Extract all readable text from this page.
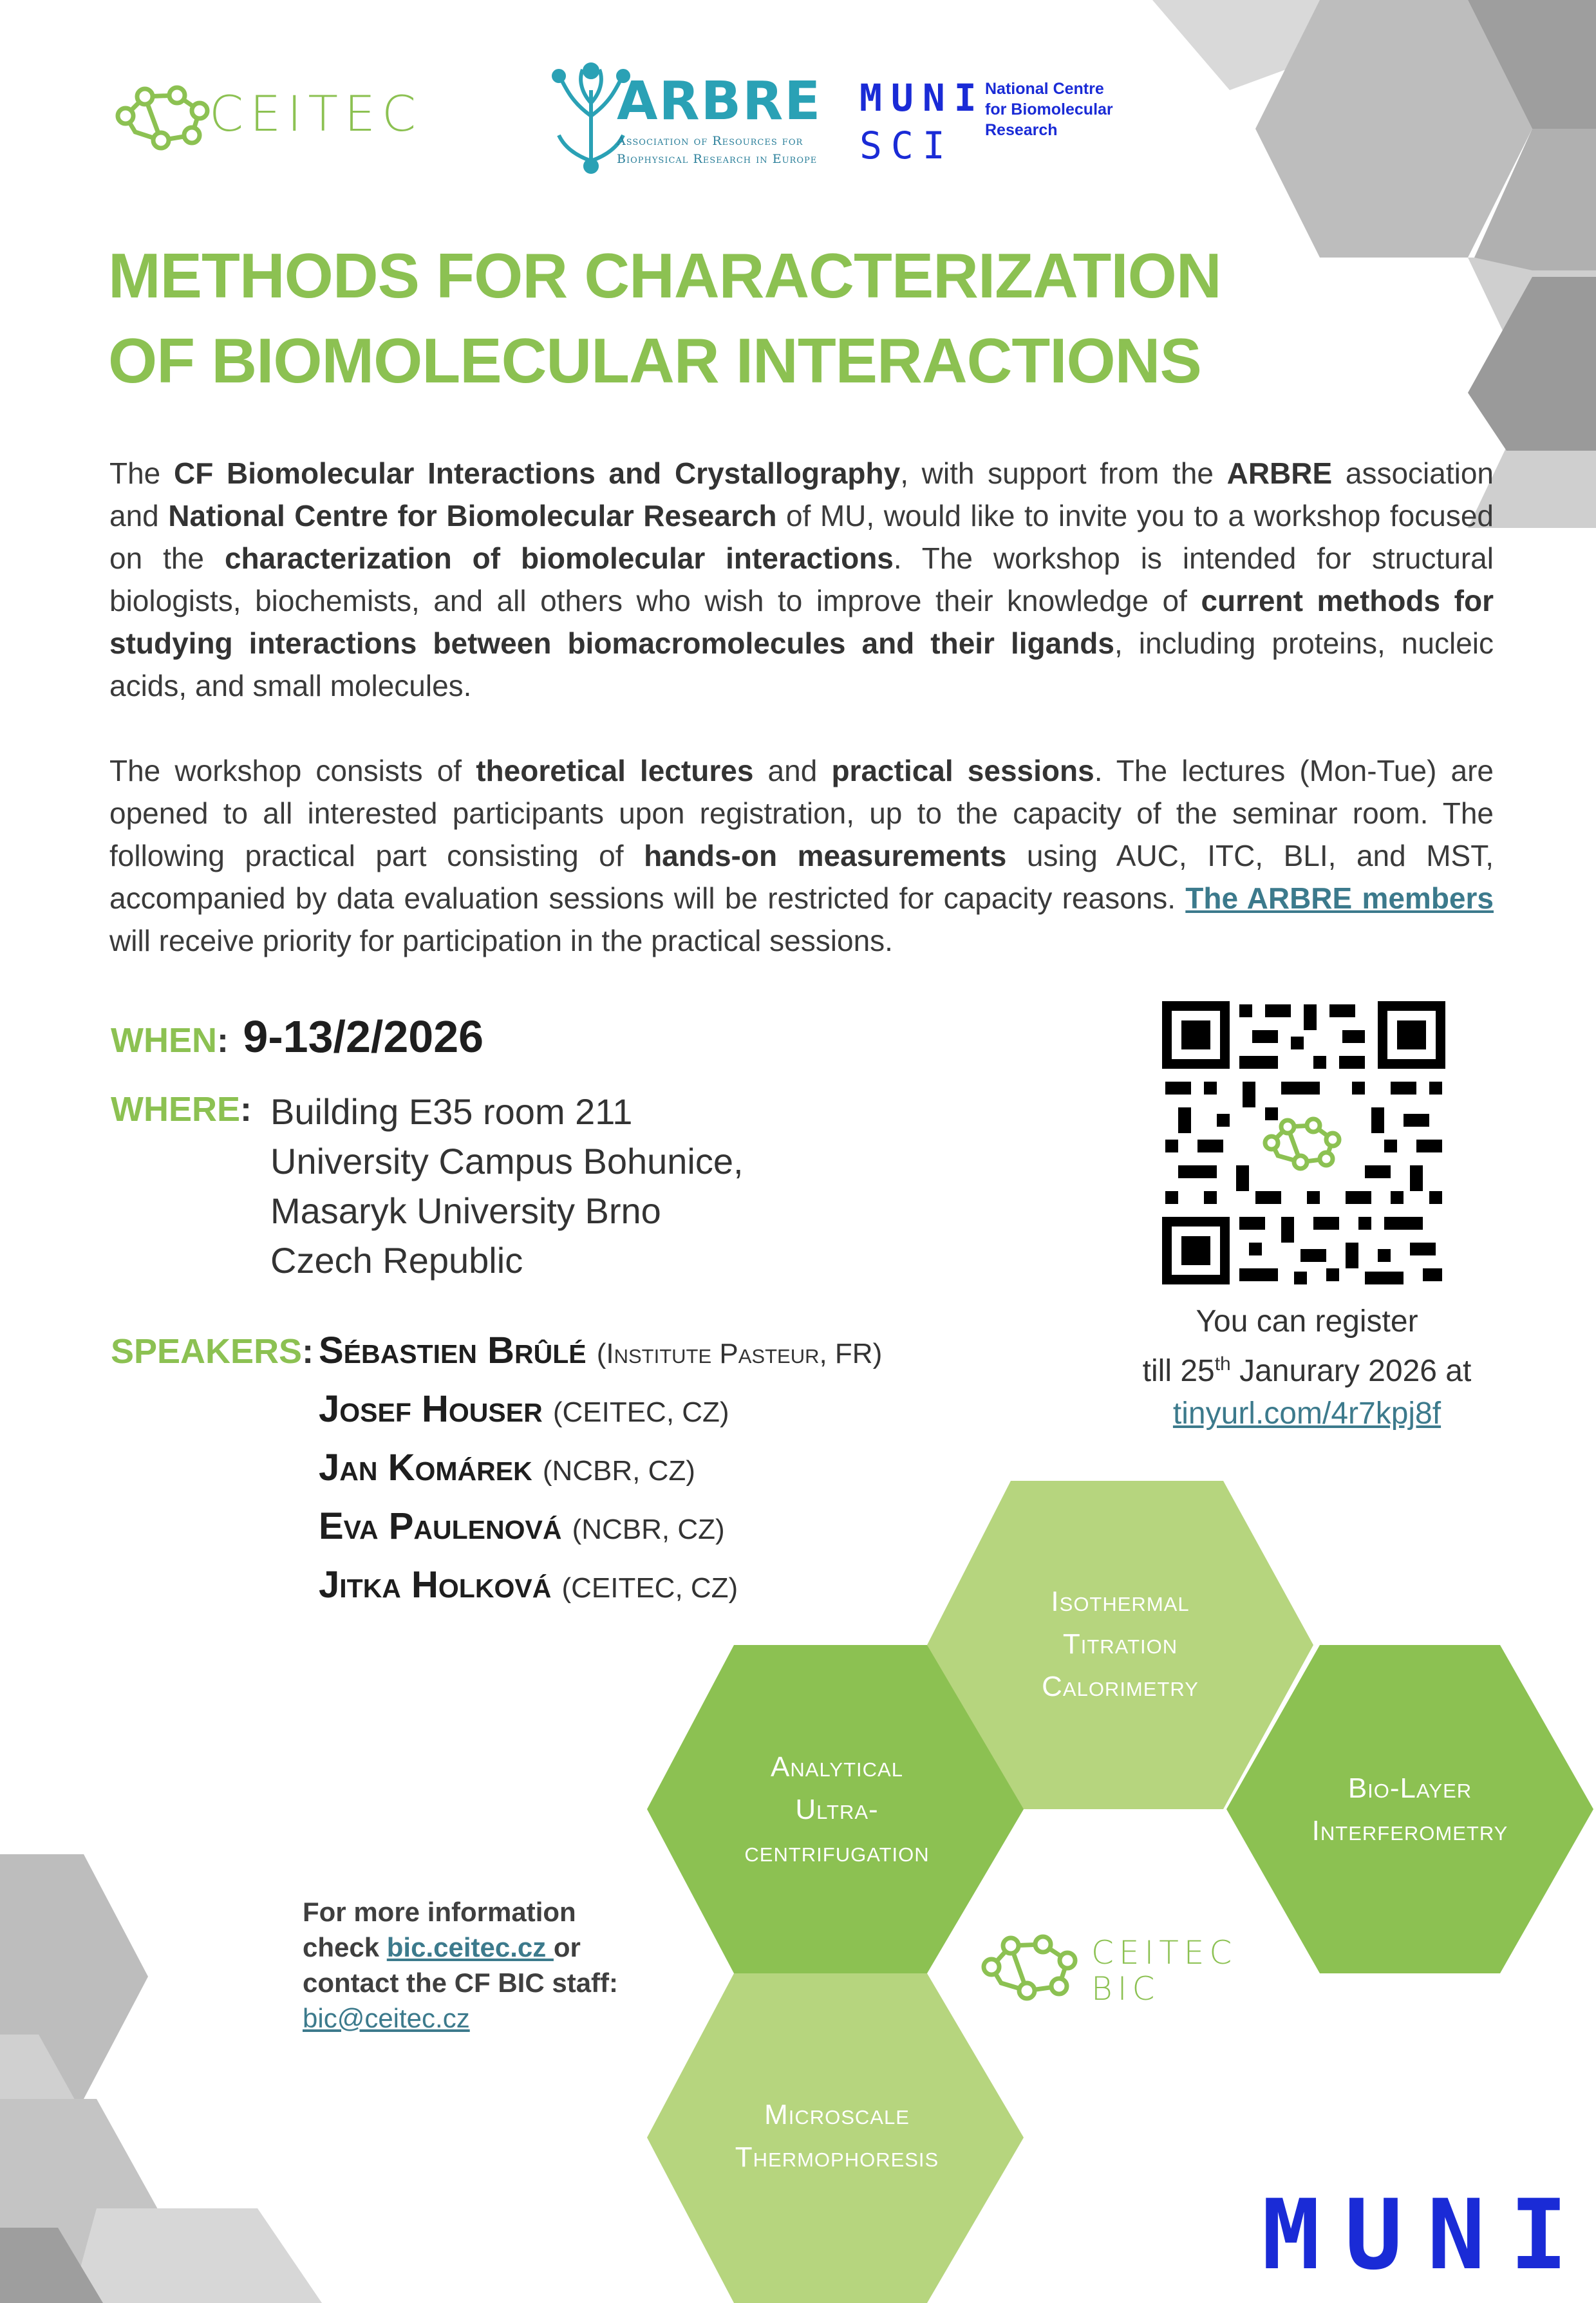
CEITEC	ARBRE
Association of Resources for
Biophysical Research in Europe
MUNI
SCI
National Centre
for Biomolecular
Research
METHODS FOR CHARACTERIZATION
OF BIOMOLECULAR INTERACTIONS
The CF Biomolecular Interactions and Crystallography, with support from the ARBRE association and National Centre for Biomolecular Research of MU, would like to invite you to a workshop focused on the characterization of biomolecular interactions. The workshop is intended for structural biologists, biochemists, and all others who wish to improve their knowledge of current methods for studying interactions between biomacromolecules and their ligands, including proteins, nucleic acids, and small molecules.
The workshop consists of theoretical lectures and practical sessions. The lectures (Mon-Tue) are opened to all interested participants upon registration, up to the capacity of the seminar room. The following practical part consisting of hands-on measurements using AUC, ITC, BLI, and MST, accompanied by data evaluation sessions will be restricted for capacity reasons. The ARBRE members will receive priority for participation in the practical sessions.
WHEN: 9-13/2/2026
WHERE: Building E35 room 211
University Campus Bohunice,
Masaryk University Brno
Czech Republic
SPEAKERS: Sébastien Brûlé (Institute Pasteur, FR)
Josef Houser (CEITEC, CZ)
Jan Komárek (NCBR, CZ)
Eva Paulenová (NCBR, CZ)
Jitka Holková (CEITEC, CZ)
You can register
till 25th Janurary 2026 at
tinyurl.com/4r7kpj8f
Isothermal
Titration
Calorimetry
Analytical
Ultra-
centrifugation
Bio-Layer
Interferometry
Microscale
Thermophoresis
CEITEC
BIC
For more information
check bic.ceitec.cz or
contact the CF BIC staff:
bic@ceitec.cz
MUNI
